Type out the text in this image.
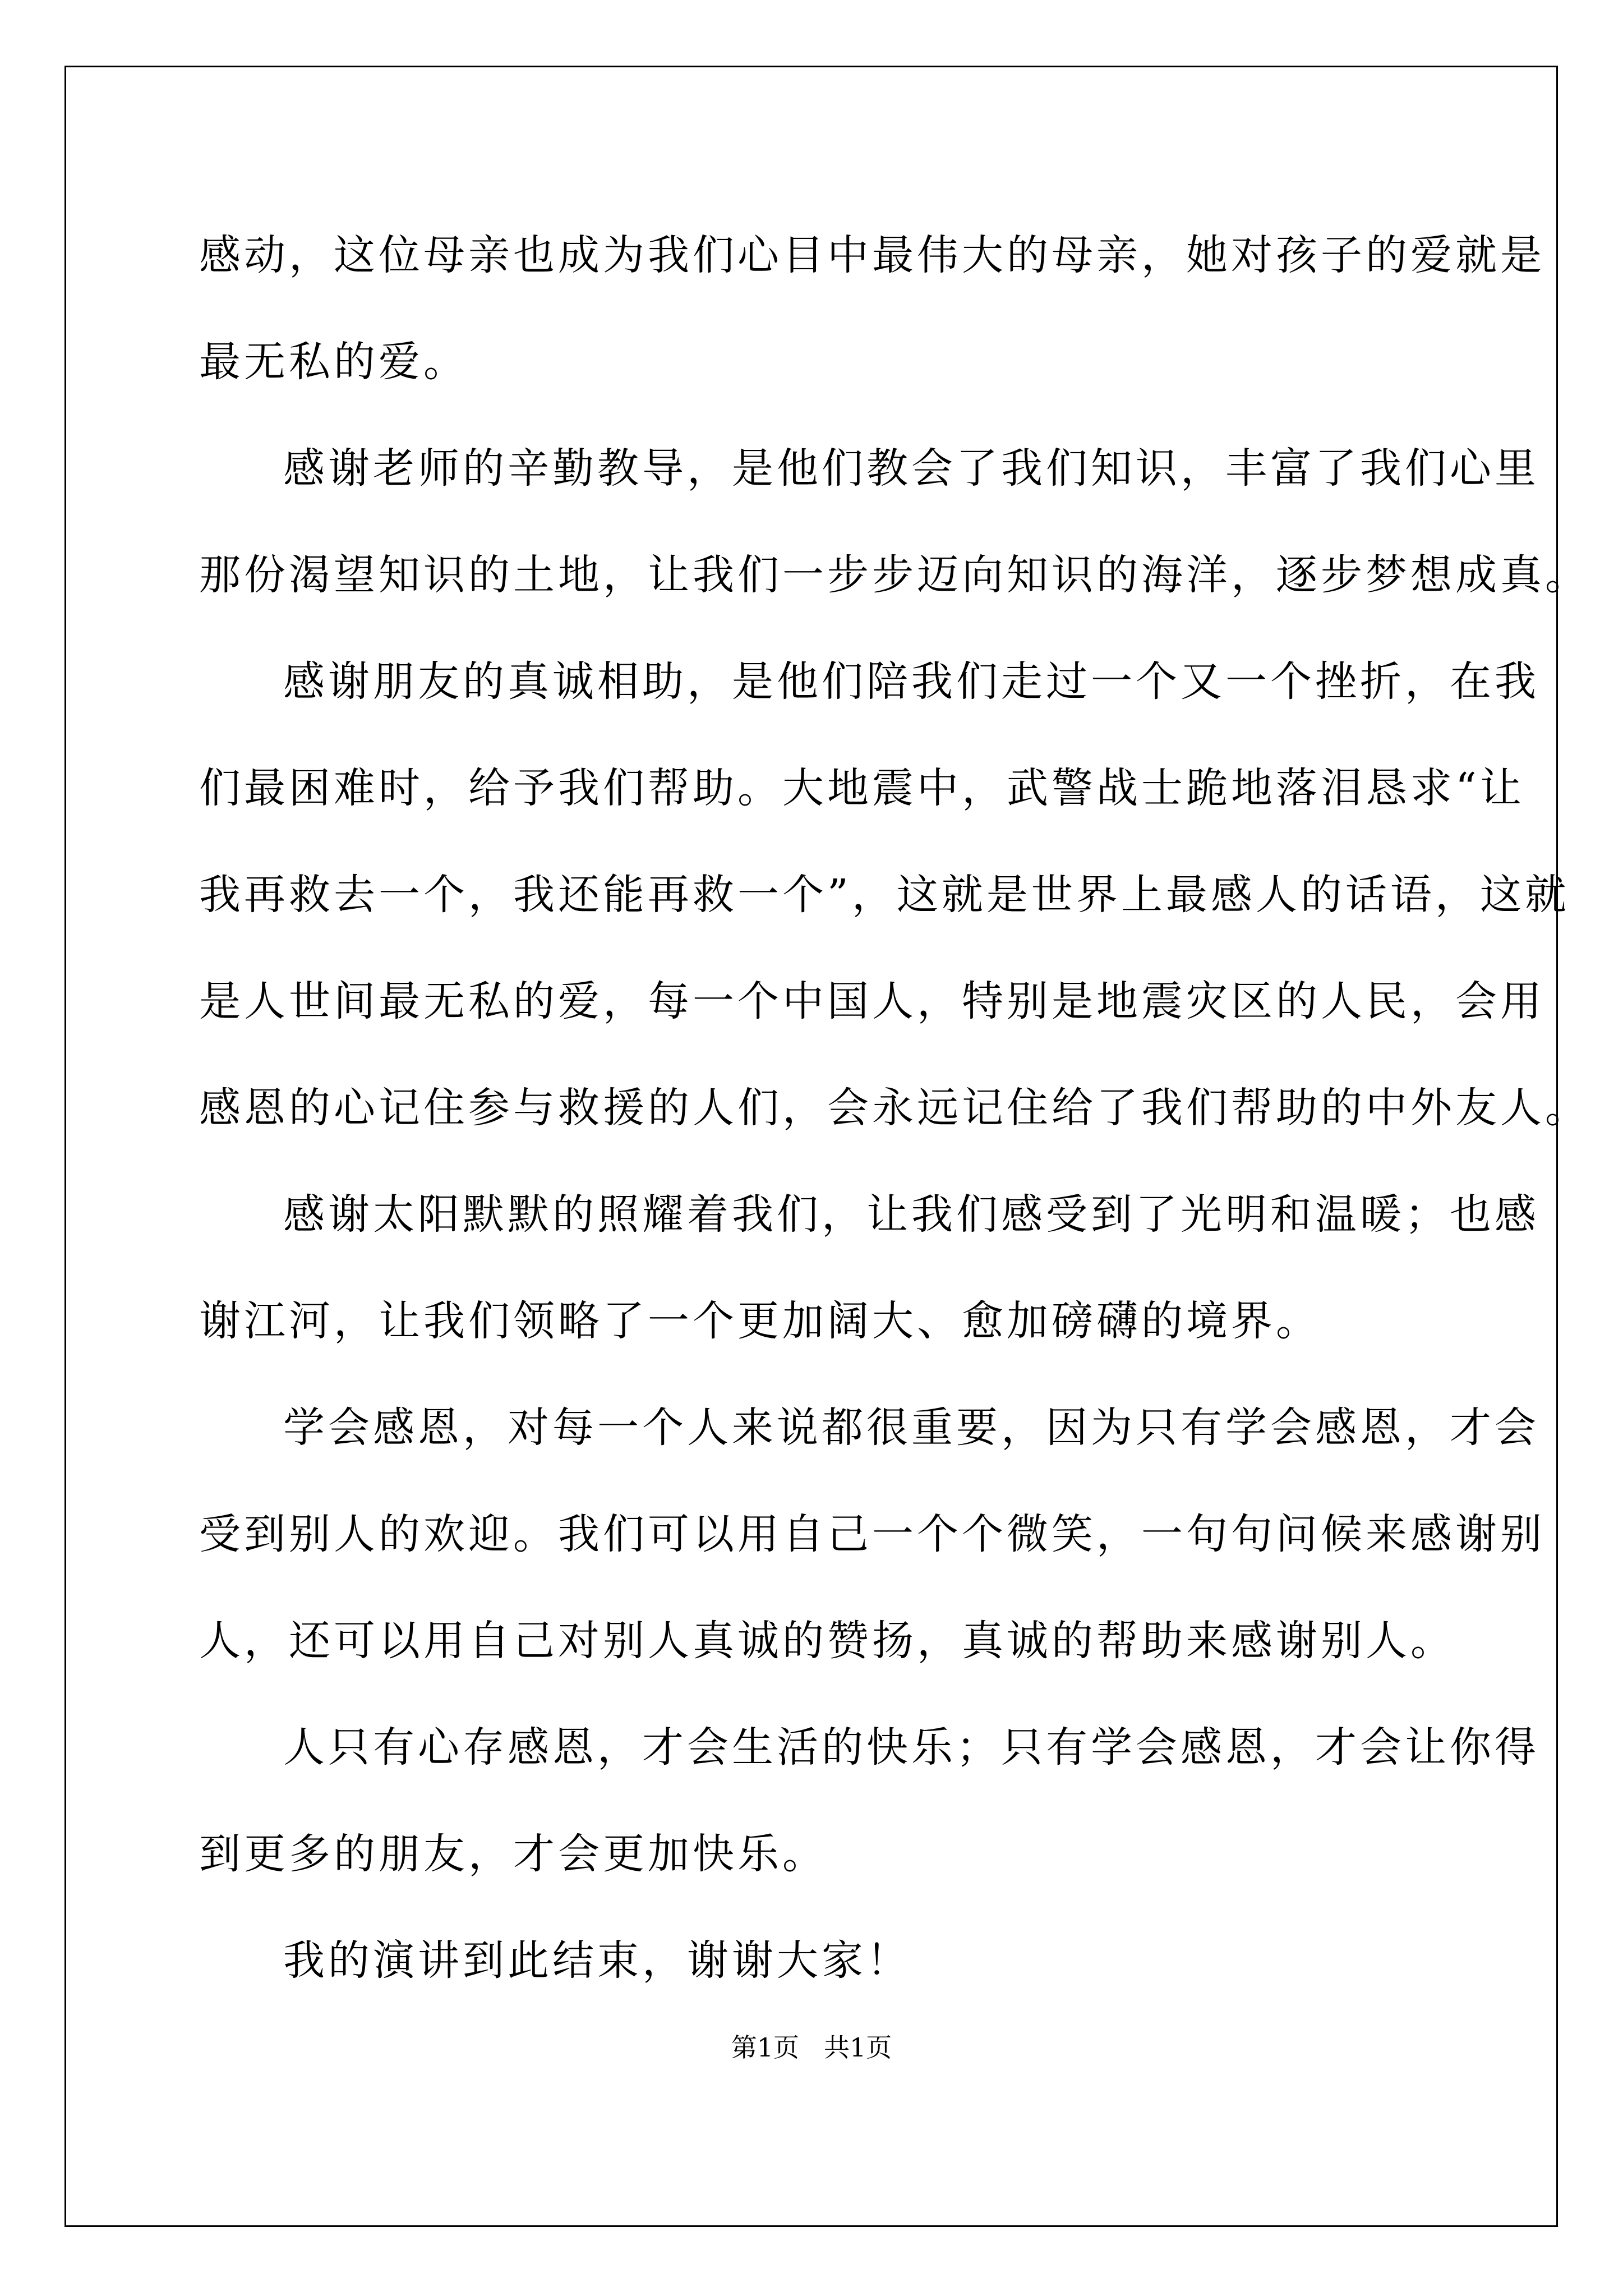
感动，这位母亲也成为我们心目中最伟大的母亲，她对孩子的爱就是

最无私的爱。

感谢老师的辛勤教导，是他们教会了我们知识，丰富了我们心里

那份渴望知识的土地，让我们一步步迈向知识的海洋，逐步梦想成真。

感谢朋友的真诚相助，是他们陪我们走过一个又一个挫折，在我

们最困难时，给予我们帮助。大地震中，武警战士跪地落泪恳求“让

我再救去一个，我还能再救一个”，这就是世界上最感人的话语，这就

是人世间最无私的爱，每一个中国人，特别是地震灾区的人民，会用

感恩的心记住参与救援的人们，会永远记住给了我们帮助的中外友人。

感谢太阳默默的照耀着我们，让我们感受到了光明和温暖；也感

谢江河，让我们领略了一个更加阔大、愈加磅礴的境界。

学会感恩，对每一个人来说都很重要，因为只有学会感恩，才会

受到别人的欢迎。我们可以用自己一个个微笑，一句句问候来感谢别

人，还可以用自己对别人真诚的赞扬，真诚的帮助来感谢别人。

人只有心存感恩，才会生活的快乐；只有学会感恩，才会让你得

到更多的朋友，才会更加快乐。

我的演讲到此结束，谢谢大家！

第1页 共1页
